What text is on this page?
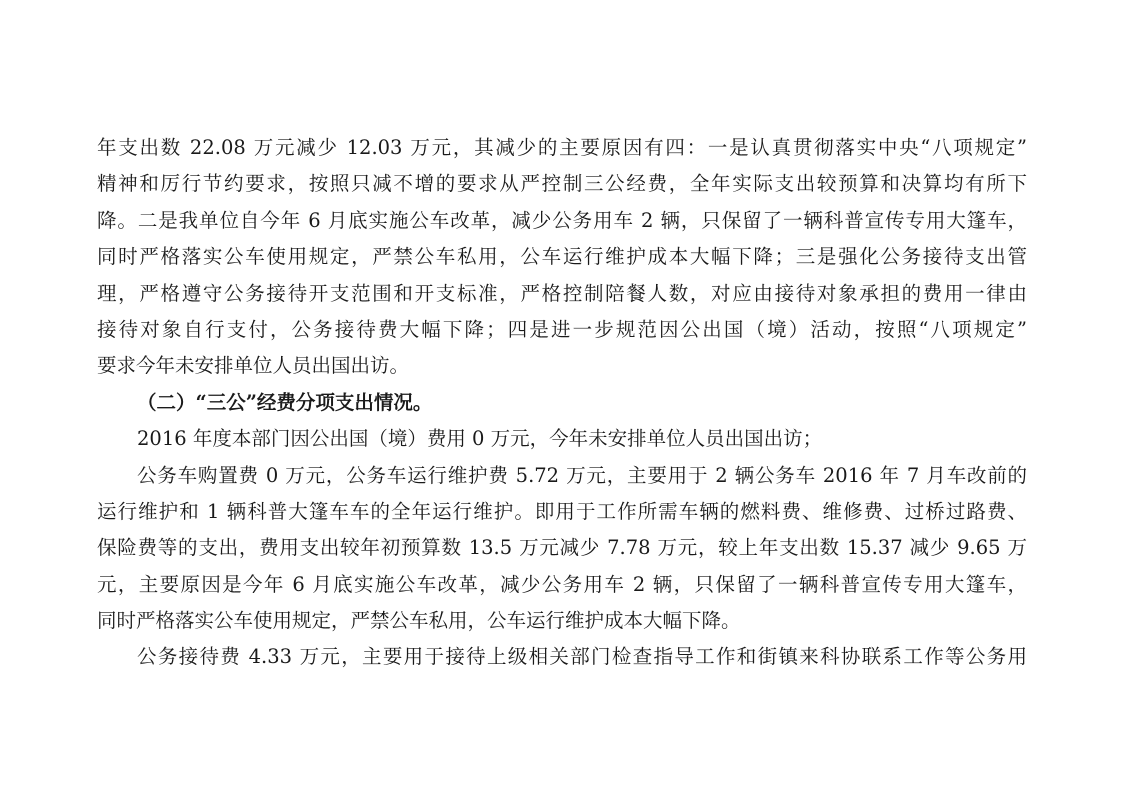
年支出数 22.08 万元减少 12.03 万元，其减少的主要原因有四：一是认真贯彻落实中央“八项规定”
精神和厉行节约要求，按照只减不增的要求从严控制三公经费，全年实际支出较预算和决算均有所下
降。二是我单位自今年 6 月底实施公车改革，减少公务用车 2 辆，只保留了一辆科普宣传专用大篷车，
同时严格落实公车使用规定，严禁公车私用，公车运行维护成本大幅下降；三是强化公务接待支出管
理，严格遵守公务接待开支范围和开支标准，严格控制陪餐人数，对应由接待对象承担的费用一律由
接待对象自行支付，公务接待费大幅下降；四是进一步规范因公出国（境）活动，按照“八项规定”
要求今年未安排单位人员出国出访。
（二）“三公”经费分项支出情况。
2016 年度本部门因公出国（境）费用 0 万元，今年未安排单位人员出国出访；
公务车购置费 0 万元，公务车运行维护费 5.72 万元，主要用于 2 辆公务车 2016 年 7 月车改前的
运行维护和 1 辆科普大篷车车的全年运行维护。即用于工作所需车辆的燃料费、维修费、过桥过路费、
保险费等的支出，费用支出较年初预算数 13.5 万元减少 7.78 万元，较上年支出数 15.37 减少 9.65 万
元，主要原因是今年 6 月底实施公车改革，减少公务用车 2 辆，只保留了一辆科普宣传专用大篷车，
同时严格落实公车使用规定，严禁公车私用，公车运行维护成本大幅下降。
公务接待费 4.33 万元，主要用于接待上级相关部门检查指导工作和街镇来科协联系工作等公务用
